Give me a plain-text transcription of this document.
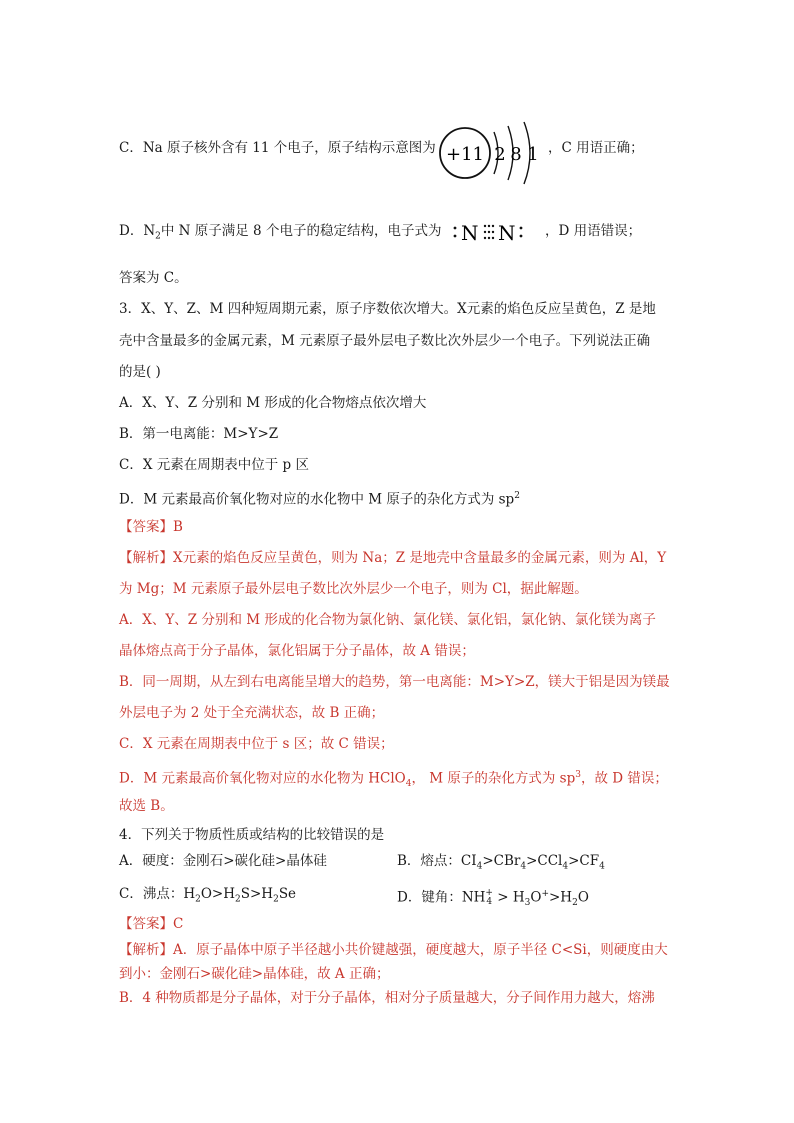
C．Na 原子核外含有 11 个电子，原子结构示意图为 +11 2 8 1 ，C 用语正确；
D．$N_2$中 N 原子满足 8 个电子的稳定结构，电子式为 N N ，D 用语错误；
答案为 C。
3．X、Y、Z、M 四种短周期元素，原子序数依次增大。X元素的焰色反应呈黄色，Z 是地
壳中含量最多的金属元素，M 元素原子最外层电子数比次外层少一个电子。下列说法正确
的是( )
A．X、Y、Z 分别和 M 形成的化合物熔点依次增大
B．第一电离能：M>Y>Z
C．X 元素在周期表中位于 p 区
D．M 元素最高价氧化物对应的水化物中 M 原子的杂化方式为 $sp^2$
【答案】B
【解析】X元素的焰色反应呈黄色，则为 Na；Z 是地壳中含量最多的金属元素，则为 Al，Y
为 Mg；M 元素原子最外层电子数比次外层少一个电子，则为 Cl，据此解题。
A．X、Y、Z 分别和 M 形成的化合物为氯化钠、氯化镁、氯化铝，氯化钠、氯化镁为离子
晶体熔点高于分子晶体，氯化铝属于分子晶体，故 A 错误；
B．同一周期，从左到右电离能呈增大的趋势，第一电离能：M>Y>Z，镁大于铝是因为镁最
外层电子为 2 处于全充满状态，故 B 正确；
C．X 元素在周期表中位于 s 区；故 C 错误；
D．M 元素最高价氧化物对应的水化物为 HClO$_4$， M 原子的杂化方式为 $sp^3$，故 D 错误；
故选 B。
4．下列关于物质性质或结构的比较错误的是
A．硬度：金刚石>碳化硅>晶体硅	B．熔点：$CI_4>CBr_4>CCl_4>CF_4$
C．沸点：$H_2O>H_2S>H_2Se$	D．键角：NH+
$4 > H_3O^+>H_2O$
【答案】C
【解析】A．原子晶体中原子半径越小共价键越强，硬度越大，原子半径 C<Si，则硬度由大
到小：金刚石>碳化硅>晶体硅，故 A 正确；
B．4 种物质都是分子晶体，对于分子晶体，相对分子质量越大，分子间作用力越大，熔沸
